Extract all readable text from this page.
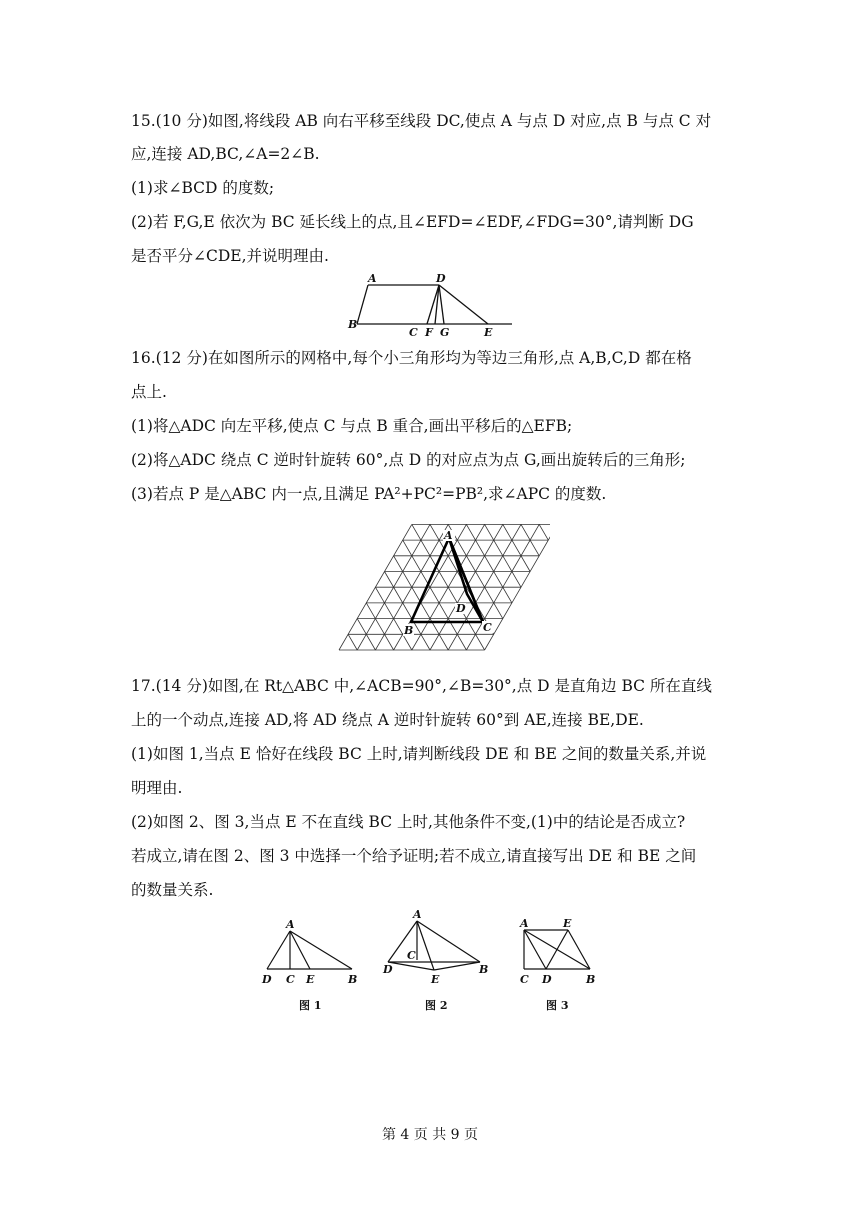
15.(10 分)如图,将线段 AB 向右平移至线段 DC,使点 A 与点 D 对应,点 B 与点 C 对
应,连接 AD,BC,∠A=2∠B.
(1)求∠BCD 的度数;
(2)若 F,G,E 依次为 BC 延长线上的点,且∠EFD=∠EDF,∠FDG=30°,请判断 DG
是否平分∠CDE,并说明理由.
A	D
B
C F G	E
16.(12 分)在如图所示的网格中,每个小三角形均为等边三角形,点 A,B,C,D 都在格
点上.
(1)将△ADC 向左平移,使点 C 与点 B 重合,画出平移后的△EFB;
(2)将△ADC 绕点 C 逆时针旋转 60°,点 D 的对应点为点 G,画出旋转后的三角形;
(3)若点 P 是△ABC 内一点,且满足 PA²+PC²=PB²,求∠APC 的度数.
A
B	C
D
17.(14 分)如图,在 Rt△ABC 中,∠ACB=90°,∠B=30°,点 D 是直角边 BC 所在直线
上的一个动点,连接 AD,将 AD 绕点 A 逆时针旋转 60°到 AE,连接 BE,DE.
(1)如图 1,当点 E 恰好在线段 BC 上时,请判断线段 DE 和 BE 之间的数量关系,并说
明理由.
(2)如图 2、图 3,当点 E 不在直线 BC 上时,其他条件不变,(1)中的结论是否成立?
若成立,请在图 2、图 3 中选择一个给予证明;若不成立,请直接写出 DE 和 BE 之间
的数量关系.
A
D C E	B
图 1
A
C
D
E
B
图 2
A	E
C D	B
图 3
第 4 页 共 9 页
